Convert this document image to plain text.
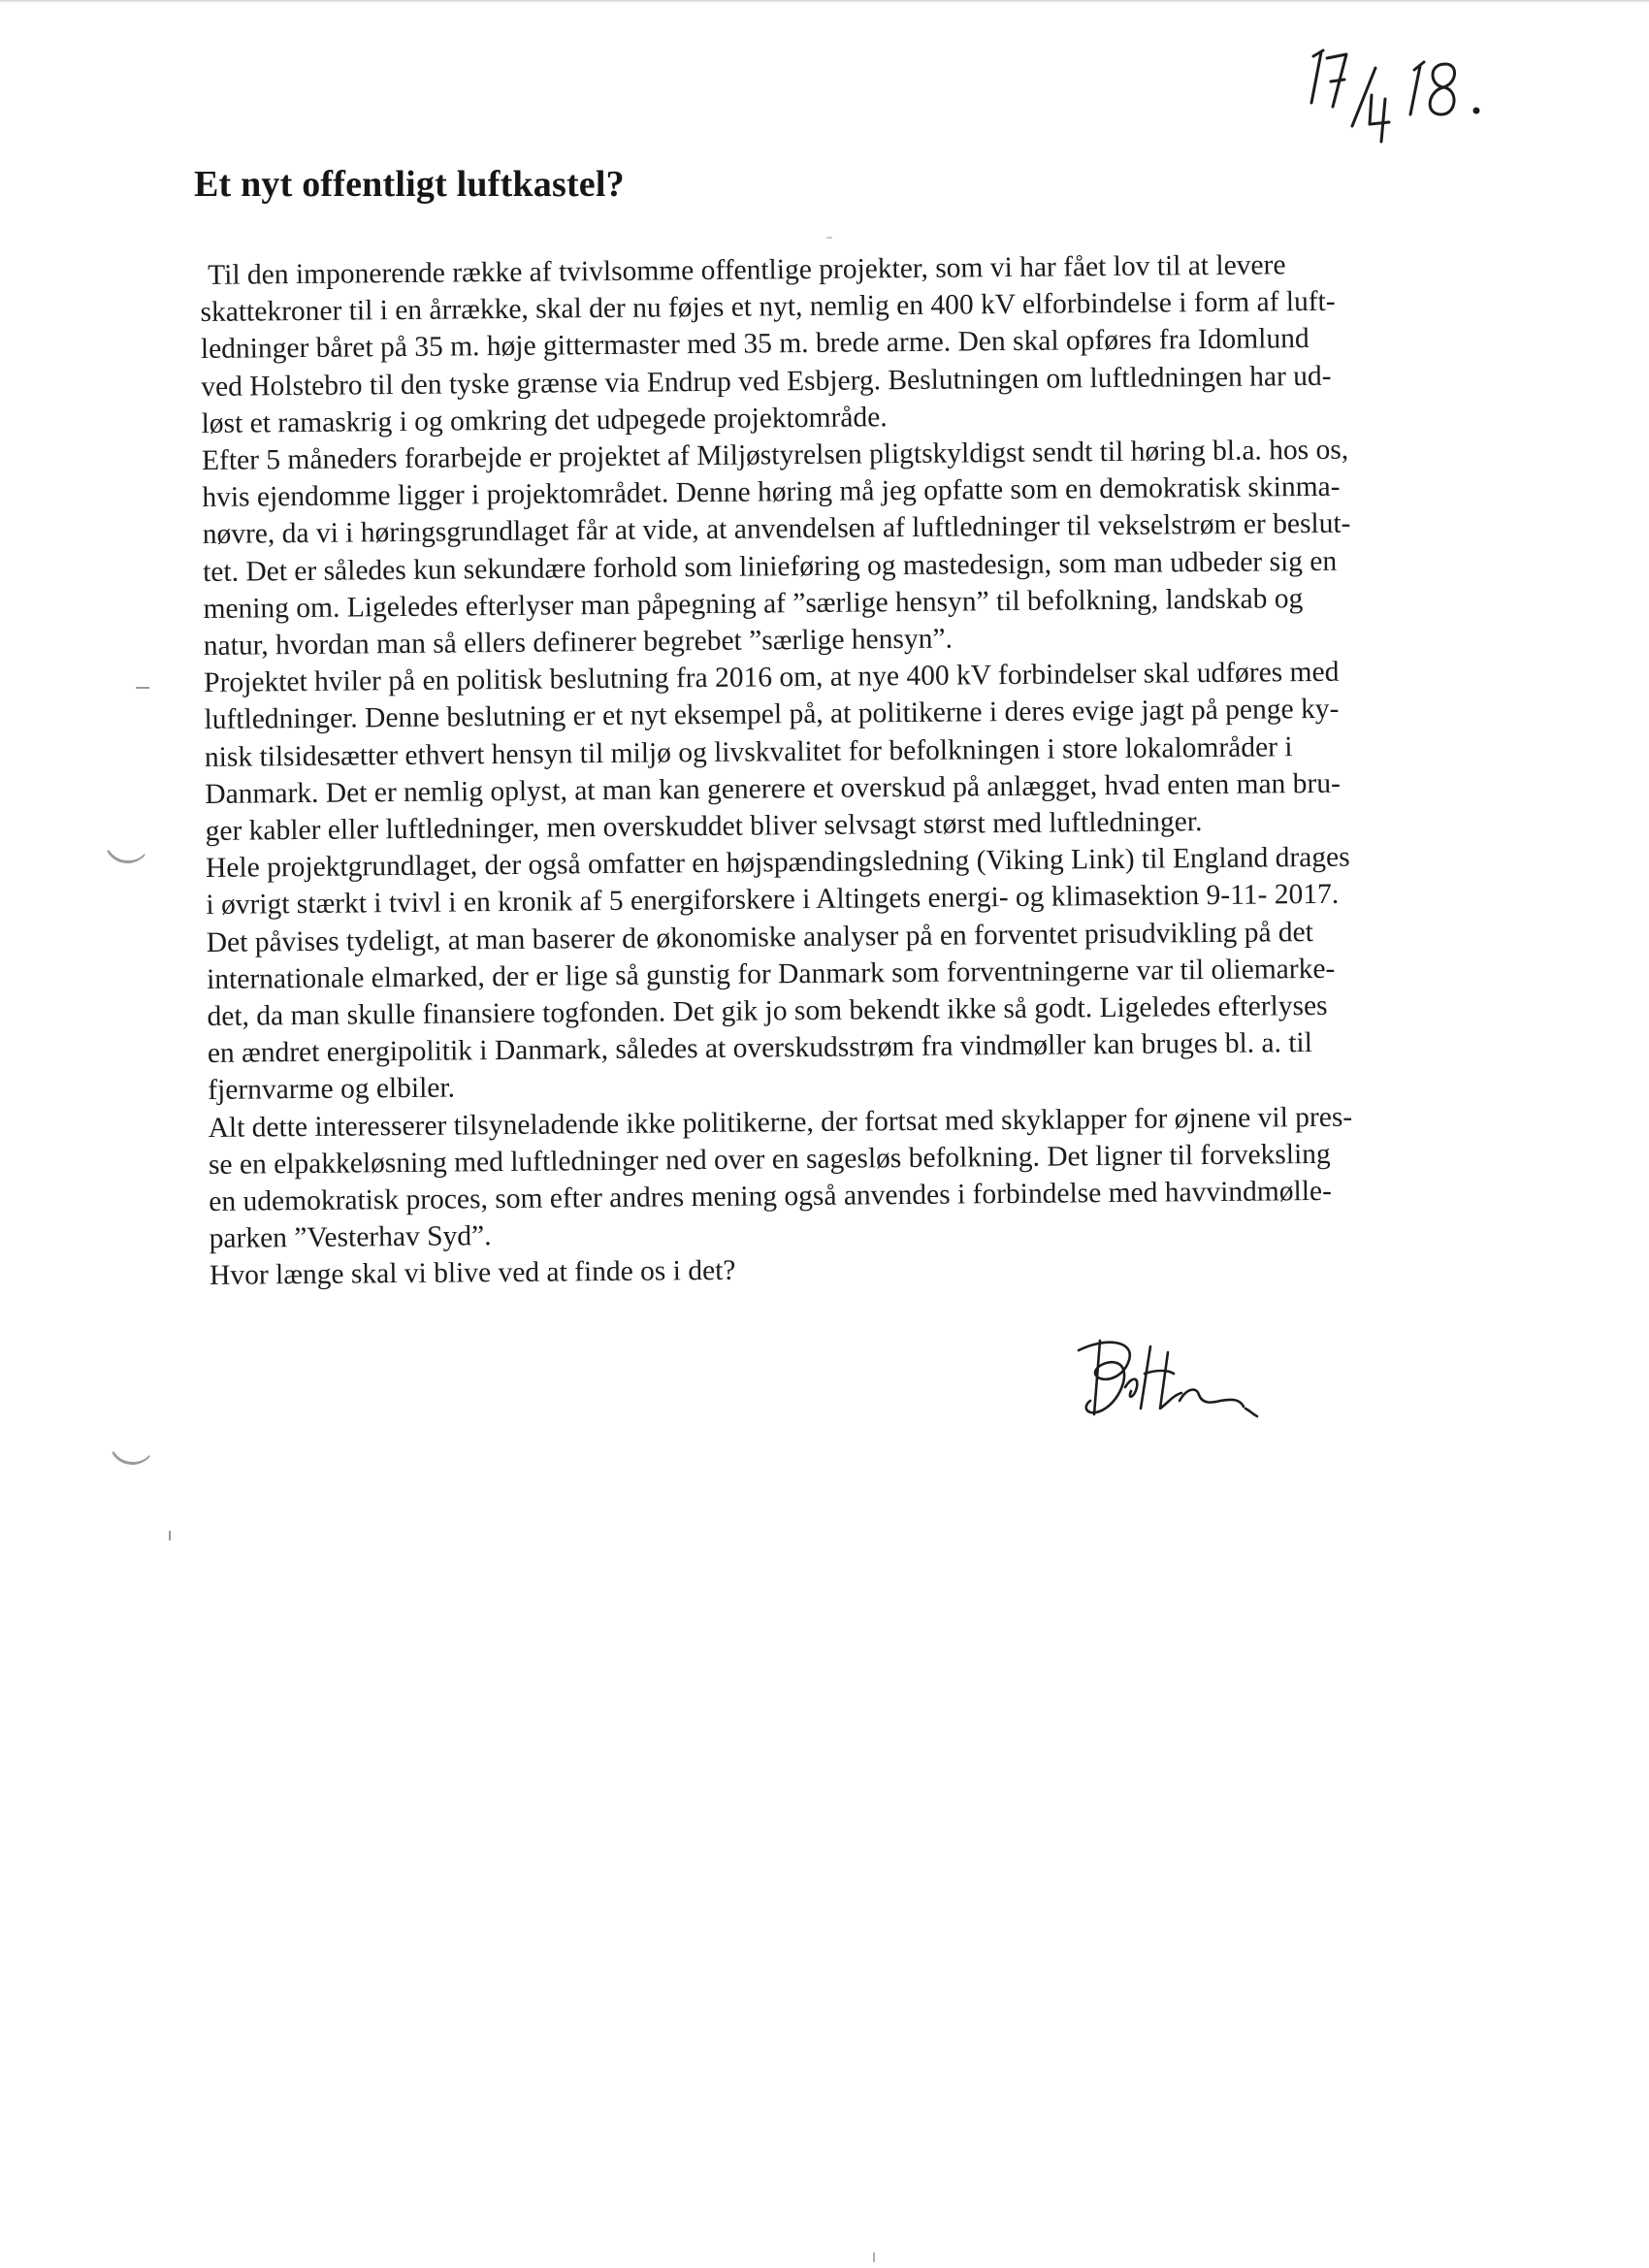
Et nyt offentligt luftkastel?
Til den imponerende række af tvivlsomme offentlige projekter, som vi har fået lov til at levere
skattekroner til i en årrække, skal der nu føjes et nyt, nemlig en 400 kV elforbindelse i form af luft-
ledninger båret på 35 m. høje gittermaster med 35 m. brede arme. Den skal opføres fra Idomlund
ved Holstebro til den tyske grænse via Endrup ved Esbjerg. Beslutningen om luftledningen har ud-
løst et ramaskrig i og omkring det udpegede projektområde.
Efter 5 måneders forarbejde er projektet af Miljøstyrelsen pligtskyldigst sendt til høring bl.a. hos os,
hvis ejendomme ligger i projektområdet. Denne høring må jeg opfatte som en demokratisk skinma-
nøvre, da vi i høringsgrundlaget får at vide, at anvendelsen af luftledninger til vekselstrøm er beslut-
tet. Det er således kun sekundære forhold som linieføring og mastedesign, som man udbeder sig en
mening om. Ligeledes efterlyser man påpegning af ”særlige hensyn” til befolkning, landskab og
natur, hvordan man så ellers definerer begrebet ”særlige hensyn”.
Projektet hviler på en politisk beslutning fra 2016 om, at nye 400 kV forbindelser skal udføres med
luftledninger. Denne beslutning er et nyt eksempel på, at politikerne i deres evige jagt på penge ky-
nisk tilsidesætter ethvert hensyn til miljø og livskvalitet for befolkningen i store lokalområder i
Danmark. Det er nemlig oplyst, at man kan generere et overskud på anlægget, hvad enten man bru-
ger kabler eller luftledninger, men overskuddet bliver selvsagt størst med luftledninger.
Hele projektgrundlaget, der også omfatter en højspændingsledning (Viking Link) til England drages
i øvrigt stærkt i tvivl i en kronik af 5 energiforskere i Altingets energi- og klimasektion 9-11- 2017.
Det påvises tydeligt, at man baserer de økonomiske analyser på en forventet prisudvikling på det
internationale elmarked, der er lige så gunstig for Danmark som forventningerne var til oliemarke-
det, da man skulle finansiere togfonden. Det gik jo som bekendt ikke så godt. Ligeledes efterlyses
en ændret energipolitik i Danmark, således at overskudsstrøm fra vindmøller kan bruges bl. a. til
fjernvarme og elbiler.
Alt dette interesserer tilsyneladende ikke politikerne, der fortsat med skyklapper for øjnene vil pres-
se en elpakkeløsning med luftledninger ned over en sagesløs befolkning. Det ligner til forveksling
en udemokratisk proces, som efter andres mening også anvendes i forbindelse med havvindmølle-
parken ”Vesterhav Syd”.
Hvor længe skal vi blive ved at finde os i det?
